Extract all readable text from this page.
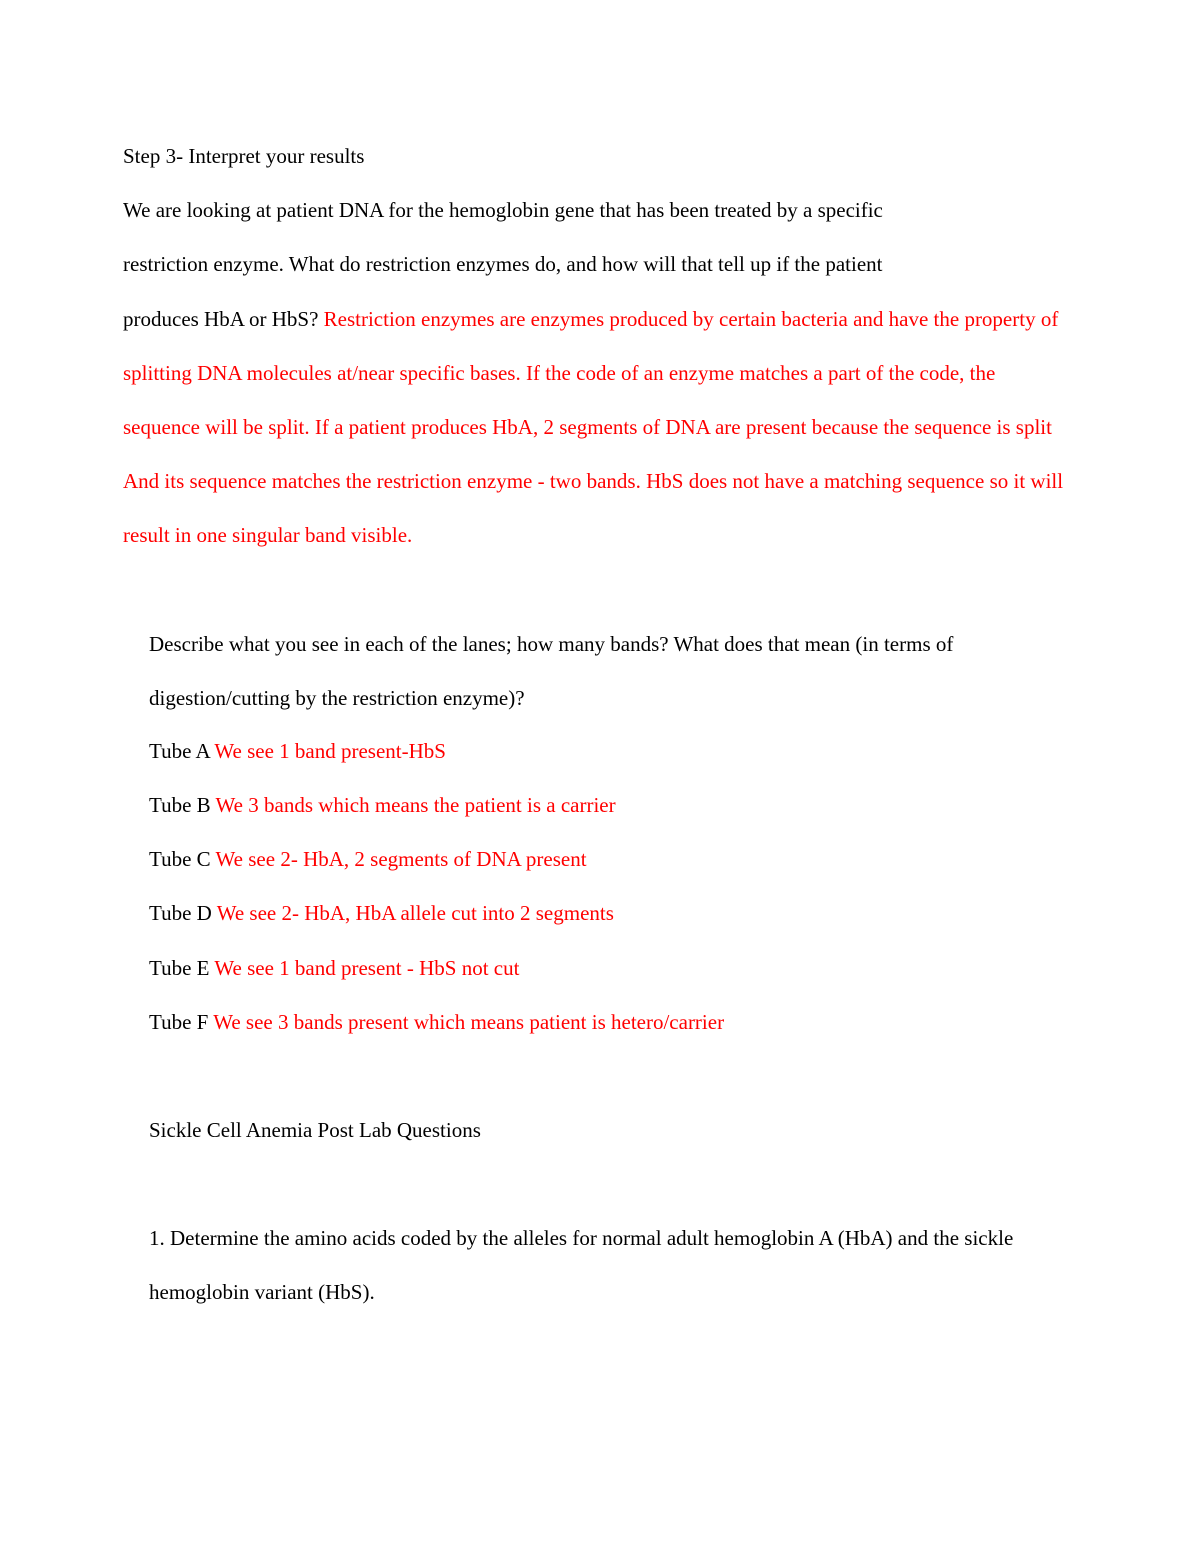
Step 3- Interpret your results
We are looking at patient DNA for the hemoglobin gene that has been treated by a specific
restriction enzyme. What do restriction enzymes do, and how will that tell up if the patient
produces HbA or HbS? Restriction enzymes are enzymes produced by certain bacteria and have the property of
splitting DNA molecules at/near specific bases. If the code of an enzyme matches a part of the code, the
sequence will be split. If a patient produces HbA, 2 segments of DNA are present because the sequence is split
And its sequence matches the restriction enzyme - two bands. HbS does not have a matching sequence so it will
result in one singular band visible.
Describe what you see in each of the lanes; how many bands? What does that mean (in terms of
digestion/cutting by the restriction enzyme)?
Tube A We see 1 band present-HbS
Tube B We 3 bands which means the patient is a carrier
Tube C We see 2- HbA, 2 segments of DNA present
Tube D We see 2- HbA, HbA allele cut into 2 segments
Tube E We see 1 band present - HbS not cut
Tube F We see 3 bands present which means patient is hetero/carrier
Sickle Cell Anemia Post Lab Questions
1. Determine the amino acids coded by the alleles for normal adult hemoglobin A (HbA) and the sickle
hemoglobin variant (HbS).
